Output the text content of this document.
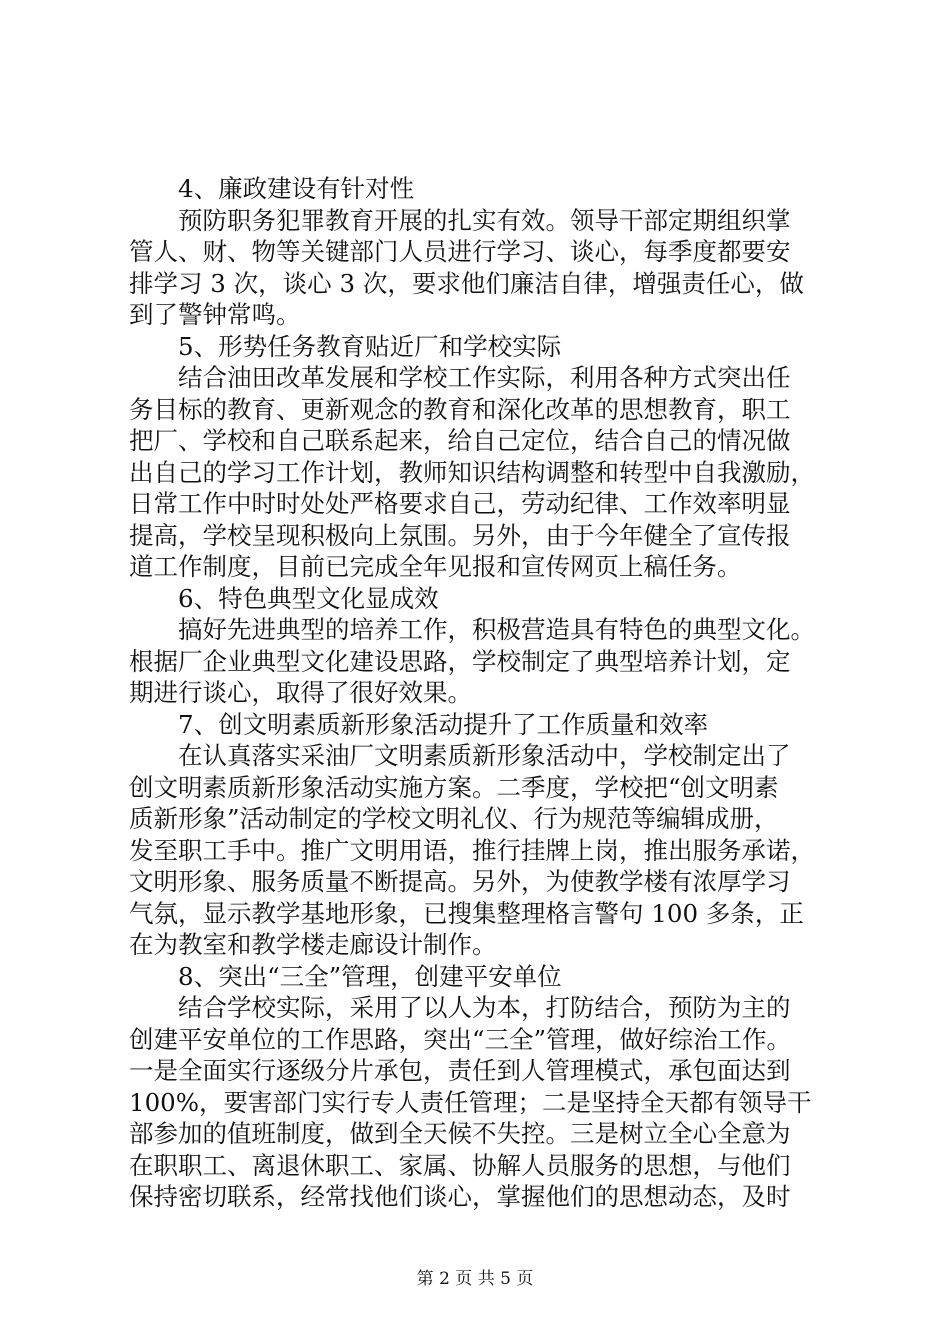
4、廉政建设有针对性
预防职务犯罪教育开展的扎实有效。领导干部定期组织掌
管人、财、物等关键部门人员进行学习、谈心，每季度都要安
排学习 3 次，谈心 3 次，要求他们廉洁自律，增强责任心，做
到了警钟常鸣。
5、形势任务教育贴近厂和学校实际
结合油田改革发展和学校工作实际，利用各种方式突出任
务目标的教育、更新观念的教育和深化改革的思想教育，职工
把厂、学校和自己联系起来，给自己定位，结合自己的情况做
出自己的学习工作计划，教师知识结构调整和转型中自我激励，
日常工作中时时处处严格要求自己，劳动纪律、工作效率明显
提高，学校呈现积极向上氛围。另外，由于今年健全了宣传报
道工作制度，目前已完成全年见报和宣传网页上稿任务。
6、特色典型文化显成效
搞好先进典型的培养工作，积极营造具有特色的典型文化。
根据厂企业典型文化建设思路，学校制定了典型培养计划，定
期进行谈心，取得了很好效果。
7、创文明素质新形象活动提升了工作质量和效率
在认真落实采油厂文明素质新形象活动中，学校制定出了
创文明素质新形象活动实施方案。二季度，学校把“创文明素
质新形象”活动制定的学校文明礼仪、行为规范等编辑成册，
发至职工手中。推广文明用语，推行挂牌上岗，推出服务承诺，
文明形象、服务质量不断提高。另外，为使教学楼有浓厚学习
气氛，显示教学基地形象，已搜集整理格言警句 100 多条，正
在为教室和教学楼走廊设计制作。
8、突出“三全”管理，创建平安单位
结合学校实际，采用了以人为本，打防结合，预防为主的
创建平安单位的工作思路，突出“三全”管理，做好综治工作。
一是全面实行逐级分片承包，责任到人管理模式，承包面达到
100%，要害部门实行专人责任管理；二是坚持全天都有领导干
部参加的值班制度，做到全天候不失控。三是树立全心全意为
在职职工、离退休职工、家属、协解人员服务的思想，与他们
保持密切联系，经常找他们谈心，掌握他们的思想动态，及时
第 2 页 共 5 页
